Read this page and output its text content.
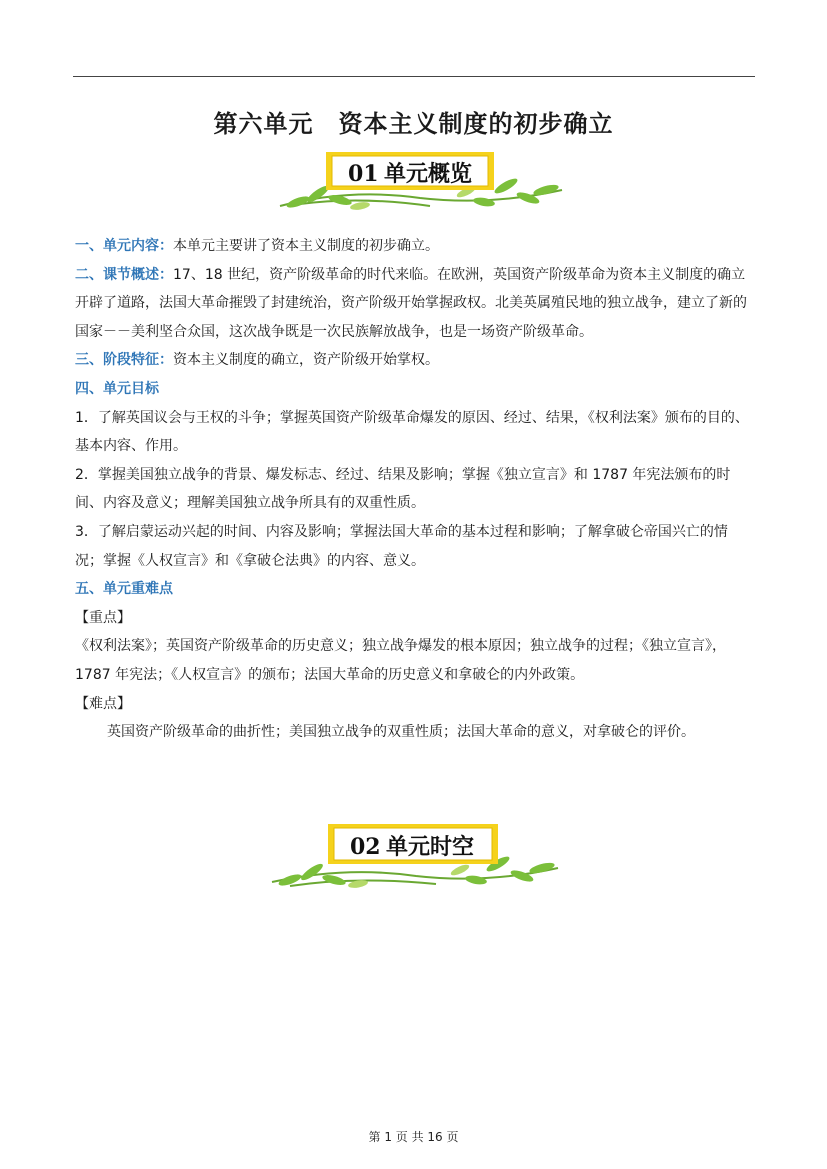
第六单元　资本主义制度的初步确立
01 单元概览

一、单元内容：本单元主要讲了资本主义制度的初步确立。

二、课节概述：17、18 世纪，资产阶级革命的时代来临。在欧洲，英国资产阶级革命为资本主义制度的确立开辟了道路，法国大革命摧毁了封建统治，资产阶级开始掌握政权。北美英属殖民地的独立战争，建立了新的国家－－美利坚合众国，这次战争既是一次民族解放战争，也是一场资产阶级革命。

三、阶段特征：资本主义制度的确立，资产阶级开始掌权。

四、单元目标

1．了解英国议会与王权的斗争；掌握英国资产阶级革命爆发的原因、经过、结果，《权利法案》颁布的目的、基本内容、作用。

2．掌握美国独立战争的背景、爆发标志、经过、结果及影响；掌握《独立宣言》和 1787 年宪法颁布的时间、内容及意义；理解美国独立战争所具有的双重性质。

3．了解启蒙运动兴起的时间、内容及影响；掌握法国大革命的基本过程和影响；了解拿破仑帝国兴亡的情况；掌握《人权宣言》和《拿破仑法典》的内容、意义。

五、单元重难点

【重点】

《权利法案》；英国资产阶级革命的历史意义；独立战争爆发的根本原因；独立战争的过程；《独立宣言》，1787 年宪法；《人权宣言》的颁布；法国大革命的历史意义和拿破仑的内外政策。

【难点】

英国资产阶级革命的曲折性；美国独立战争的双重性质；法国大革命的意义，对拿破仑的评价。

02 单元时空
第 1 页 共 16 页
